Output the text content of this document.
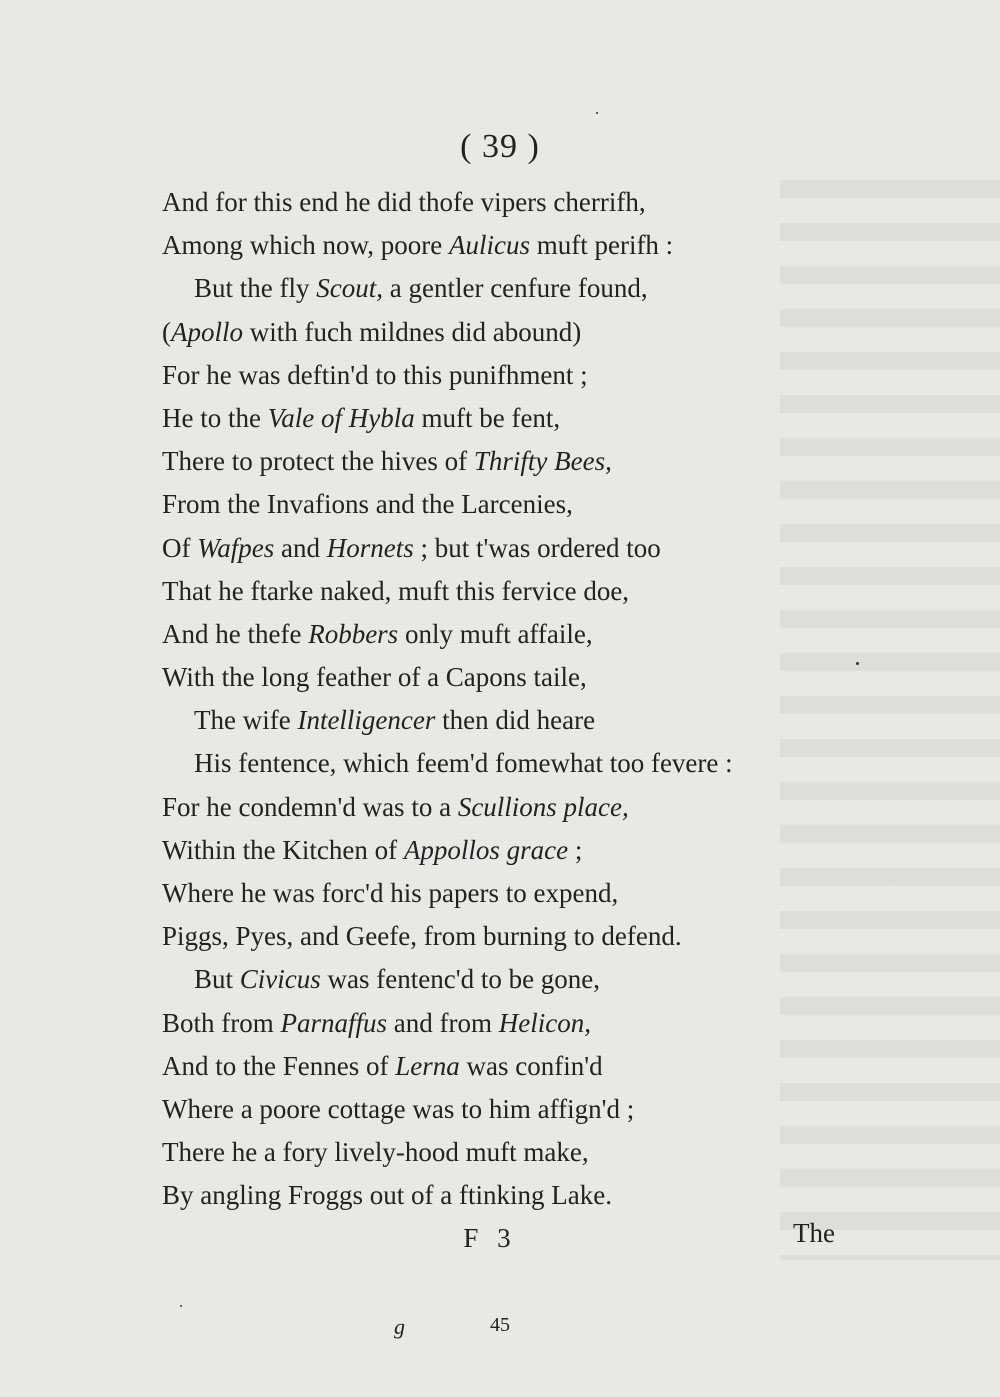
( 39 )
And for this end he did thofe vipers cherrifh,
Among which now, poore Aulicus muft perifh :
But the fly Scout, a gentler cenfure found,
(Apollo with fuch mildnes did abound)
For he was deftin'd to this punifhment ;
He to the Vale of Hybla muft be fent,
There to protect the hives of Thrifty Bees,
From the Invafions and the Larcenies,
Of Wafpes and Hornets ; but t'was ordered too
That he ftarke naked, muft this fervice doe,
And he thefe Robbers only muft affaile,
With the long feather of a Capons taile,
The wife Intelligencer then did heare
His fentence, which feem'd fomewhat too fevere :
For he condemn'd was to a Scullions place,
Within the Kitchen of Appollos grace ;
Where he was forc'd his papers to expend,
Piggs, Pyes, and Geefe, from burning to defend.
But Civicus was fentenc'd to be gone,
Both from Parnaffus and from Helicon,
And to the Fennes of Lerna was confin'd
Where a poore cottage was to him affign'd ;
There he a fory lively-hood muft make,
By angling Froggs out of a ftinking Lake.
F 3	The
g	45
